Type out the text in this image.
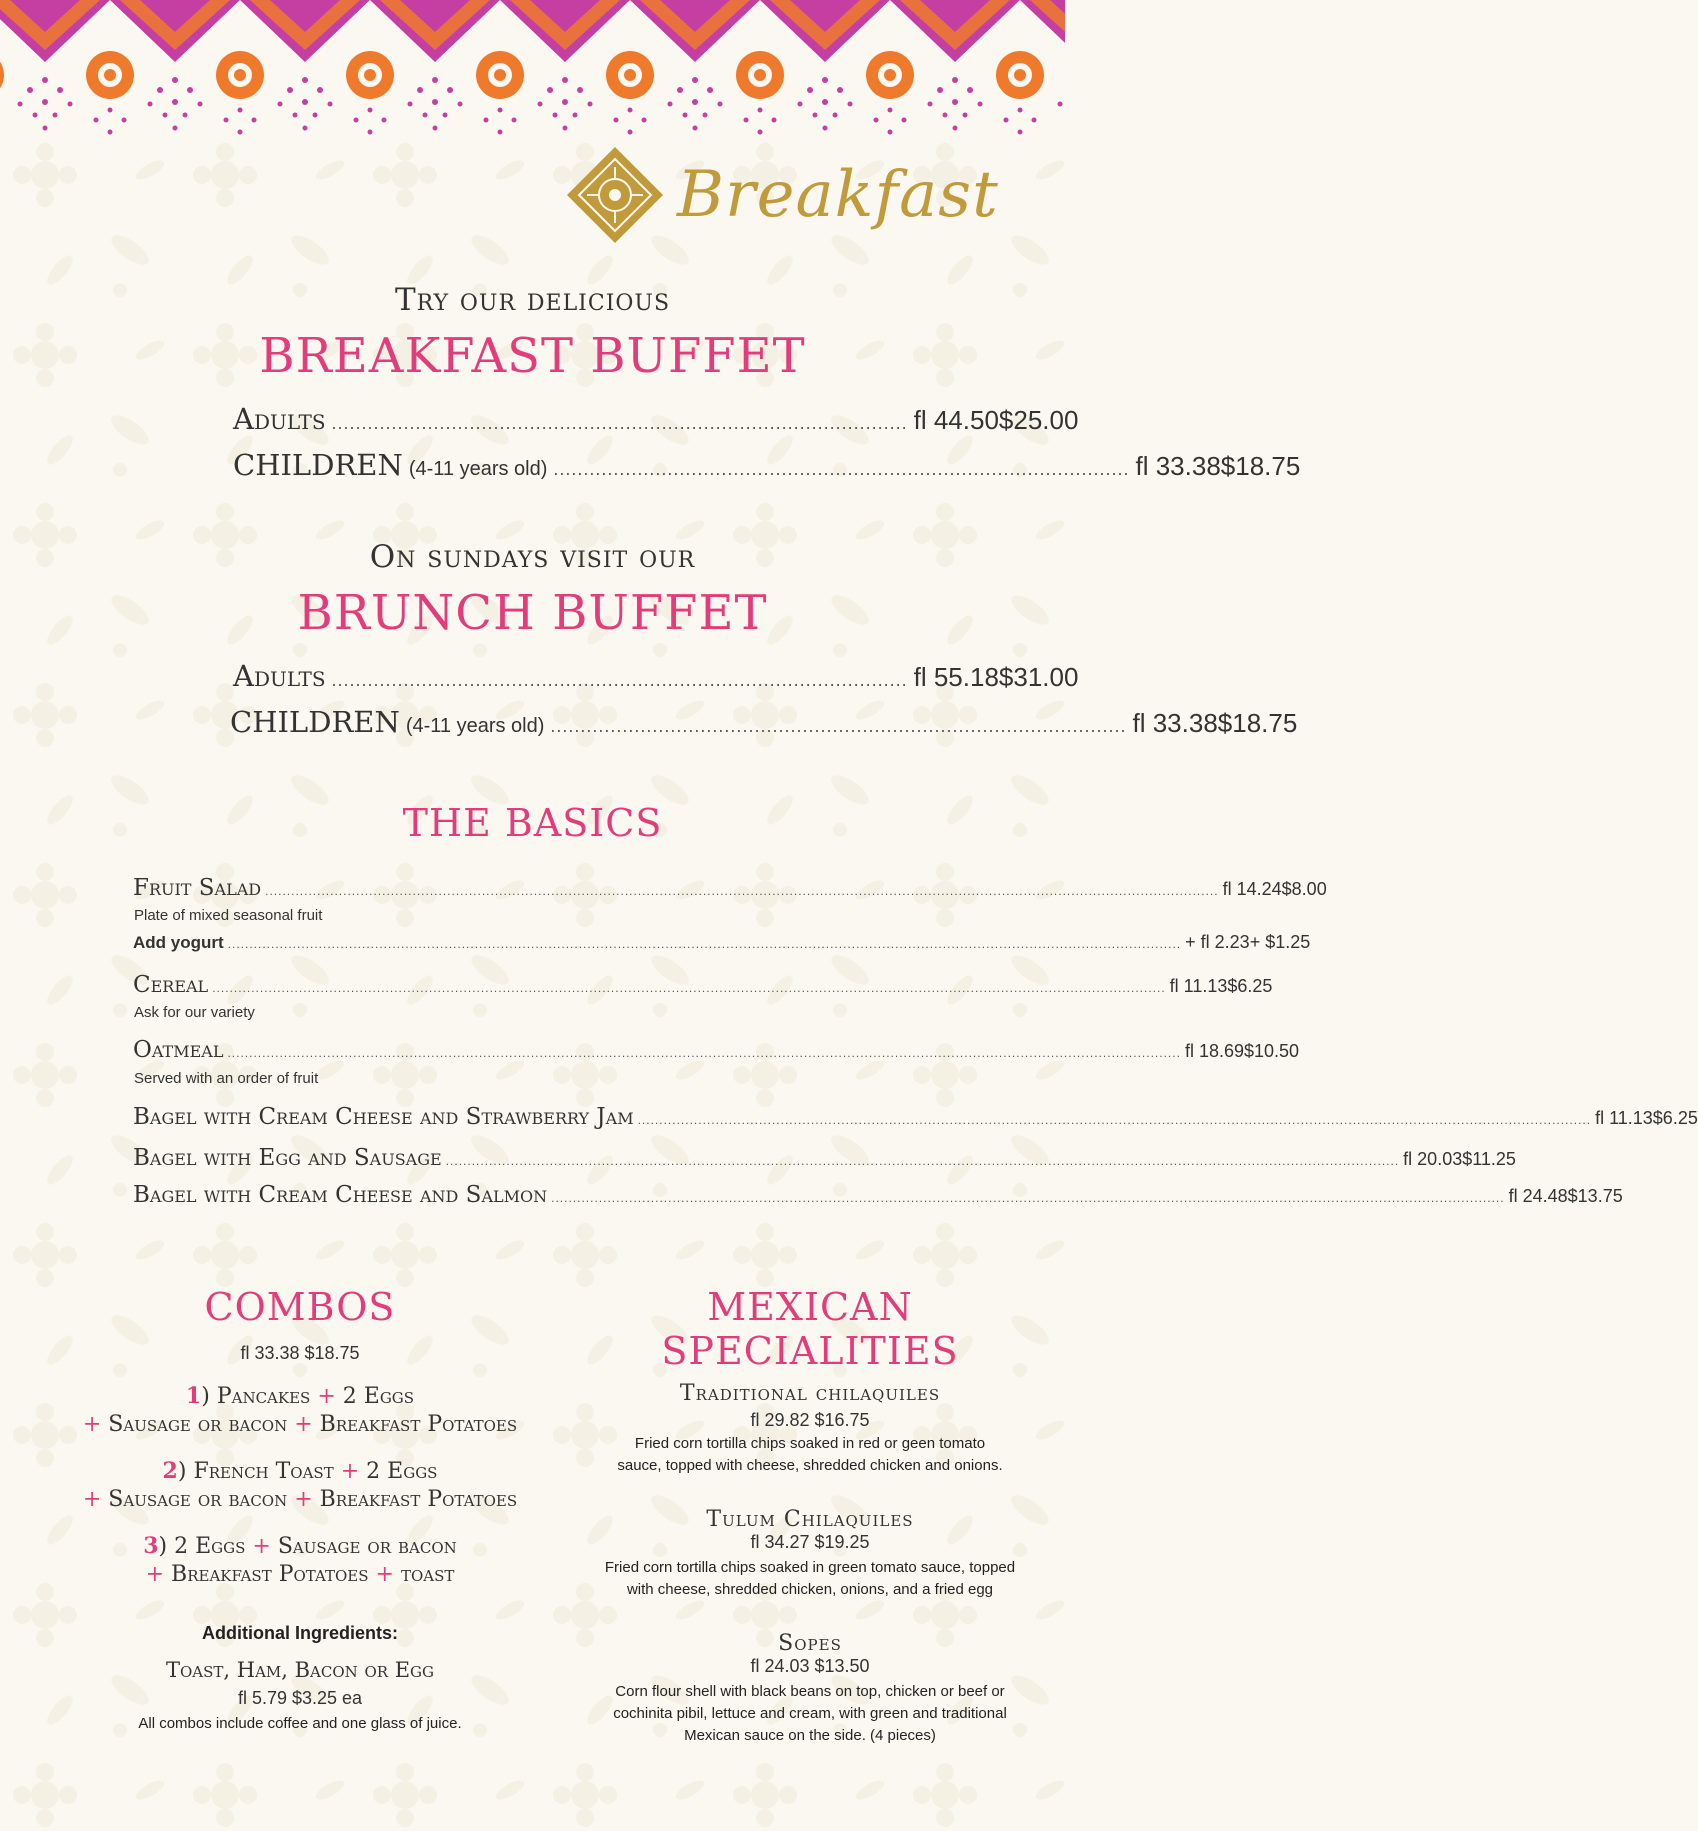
Breakfast
Try our delicious
BREAKFAST BUFFET
Adults ................................................................................................ fl 44.50 $25.00
CHILDREN (4-11 years old) ................................................................................................ fl 33.38 $18.75
On sundays visit our
BRUNCH BUFFET
Adults ................................................................................................ fl 55.18 $31.00
CHILDREN (4-11 years old) ................................................................................................ fl 33.38 $18.75
THE BASICS
Fruit Salad ............................................................................................................................................................................................................................ fl 14.24 $8.00
Plate of mixed seasonal fruit
Add yogurt ............................................................................................................................................................................................................................ + fl 2.23 + $1.25
Cereal ............................................................................................................................................................................................................................ fl 11.13 $6.25
Ask for our variety
Oatmeal ............................................................................................................................................................................................................................ fl 18.69 $10.50
Served with an order of fruit
Bagel with Cream Cheese and Strawberry Jam ............................................................................................................................................................................................................................ fl 11.13 $6.25
Bagel with Egg and Sausage ............................................................................................................................................................................................................................ fl 20.03 $11.25
Bagel with Cream Cheese and Salmon ............................................................................................................................................................................................................................ fl 24.48 $13.75
COMBOS
fl 33.38 $18.75
1) Pancakes + 2 Eggs
+ Sausage or bacon + Breakfast Potatoes
2) French Toast + 2 Eggs
+ Sausage or bacon + Breakfast Potatoes
3) 2 Eggs + Sausage or bacon
+ Breakfast Potatoes + toast
Additional Ingredients:
Toast, Ham, Bacon or Egg
fl 5.79 $3.25 ea
All combos include coffee and one glass of juice.
MEXICAN SPECIALITIES
Traditional chilaquiles
fl 29.82 $16.75
Fried corn tortilla chips soaked in red or geen tomato
sauce, topped with cheese, shredded chicken and onions.
Tulum Chilaquiles
fl 34.27 $19.25
Fried corn tortilla chips soaked in green tomato sauce, topped
with cheese, shredded chicken, onions, and a fried egg
Sopes
fl 24.03 $13.50
Corn flour shell with black beans on top, chicken or beef or
cochinita pibil, lettuce and cream, with green and traditional
Mexican sauce on the side. (4 pieces)
